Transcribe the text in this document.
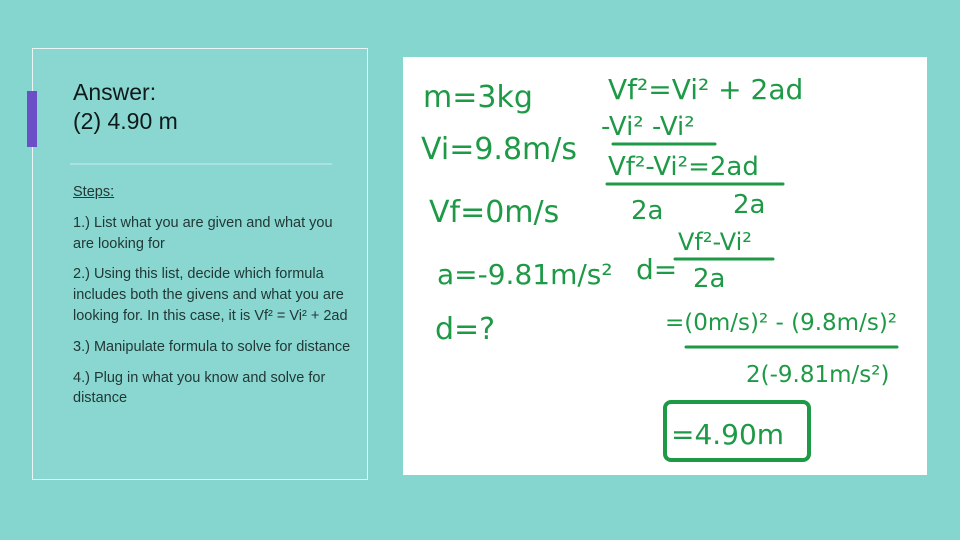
Answer:
(2) 4.90 m
Steps:
1.) List what you are given and what you are looking for
2.) Using this list, decide which formula includes both the givens and what you are looking for. In this case, it is Vf² = Vi² + 2ad
3.) Manipulate formula to solve for distance
4.) Plug in what you know and solve for distance
m=3kg
Vi=9.8m/s
Vf=0m/s
a=-9.81m/s²
d=?
Vf²=Vi² + 2ad
-Vi² -Vi²
Vf²-Vi²=2ad
2a	2a
d=
Vf²-Vi²
2a
=(0m/s)² - (9.8m/s)²
2(-9.81m/s²)
=4.90m
